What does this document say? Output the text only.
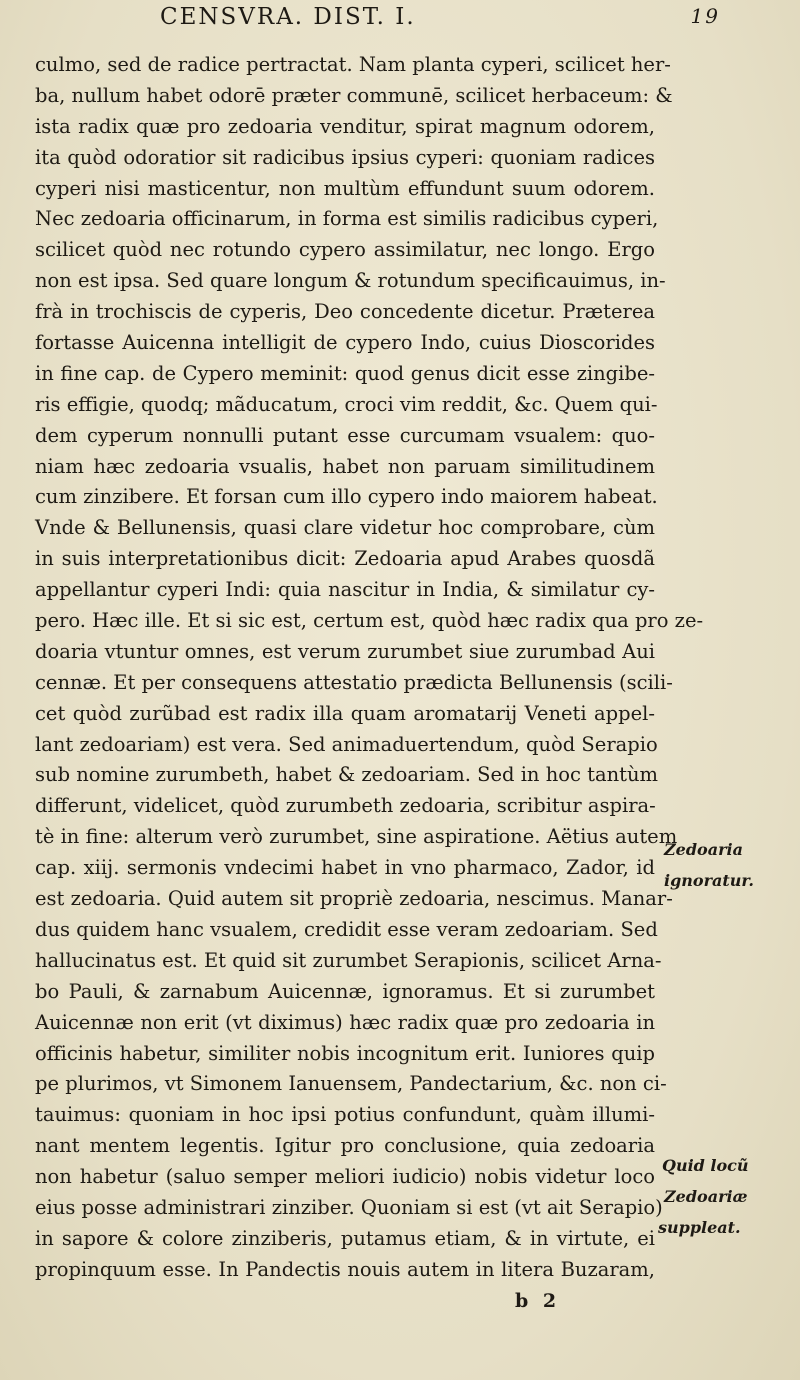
CENSVRA. DIST. I.	19
culmo, sed de radice pertractat. Nam planta cyperi, scilicet her-
ba, nullum habet odorē præter communē, scilicet herbaceum: &
ista radix quæ pro zedoaria venditur, spirat magnum odorem,
ita quòd odoratior sit radicibus ipsius cyperi: quoniam radices
cyperi nisi masticentur, non multùm effundunt suum odorem.
Nec zedoaria officinarum, in forma est similis radicibus cyperi,
scilicet quòd nec rotundo cypero assimilatur, nec longo. Ergo
non est ipsa. Sed quare longum & rotundum specificauimus, in-
frà in trochiscis de cyperis, Deo concedente dicetur. Præterea
fortasse Auicenna intelligit de cypero Indo, cuius Dioscorides
in fine cap. de Cypero meminit: quod genus dicit esse zingibe-
ris effigie, quodq; mãducatum, croci vim reddit, &c. Quem qui-
dem cyperum nonnulli putant esse curcumam vsualem: quo-
niam hæc zedoaria vsualis, habet non paruam similitudinem
cum zinzibere. Et forsan cum illo cypero indo maiorem habeat.
Vnde & Bellunensis, quasi clare videtur hoc comprobare, cùm
in suis interpretationibus dicit: Zedoaria apud Arabes quosdã
appellantur cyperi Indi: quia nascitur in India, & similatur cy-
pero. Hæc ille. Et si sic est, certum est, quòd hæc radix qua pro ze-
doaria vtuntur omnes, est verum zurumbet siue zurumbad Aui
cennæ. Et per consequens attestatio prædicta Bellunensis (scili-
cet quòd zurũbad est radix illa quam aromatarij Veneti appel-
lant zedoariam) est vera. Sed animaduertendum, quòd Serapio
sub nomine zurumbeth, habet & zedoariam. Sed in hoc tantùm
differunt, videlicet, quòd zurumbeth zedoaria, scribitur aspira-
tè in fine: alterum verò zurumbet, sine aspiratione. Aëtius autem
cap. xiij. sermonis vndecimi habet in vno pharmaco, Zador, id
est zedoaria. Quid autem sit propriè zedoaria, nescimus. Manar-
dus quidem hanc vsualem, credidit esse veram zedoariam. Sed
hallucinatus est. Et quid sit zurumbet Serapionis, scilicet Arna-
bo Pauli, & zarnabum Auicennæ, ignoramus. Et si zurumbet
Auicennæ non erit (vt diximus) hæc radix quæ pro zedoaria in
officinis habetur, similiter nobis incognitum erit. Iuniores quip
pe plurimos, vt Simonem Ianuensem, Pandectarium, &c. non ci-
tauimus: quoniam in hoc ipsi potius confundunt, quàm illumi-
nant mentem legentis. Igitur pro conclusione, quia zedoaria
non habetur (saluo semper meliori iudicio) nobis videtur loco
eius posse administrari zinziber. Quoniam si est (vt ait Serapio)
in sapore & colore zinziberis, putamus etiam, & in virtute, ei
propinquum esse. In Pandectis nouis autem in litera Buzaram,
Zedoaria
ignoratur.
Quid locũ
Zedoariæ
suppleat.
b 2
